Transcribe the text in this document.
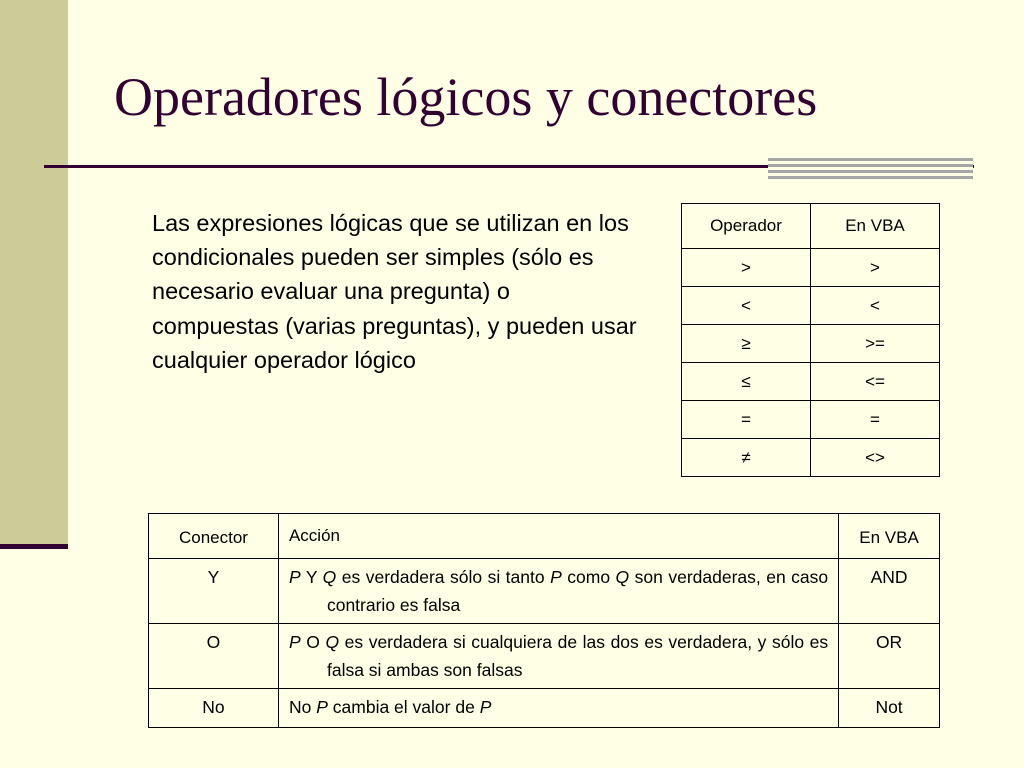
Operadores lógicos y conectores

Las expresiones lógicas que se utilizan en los condicionales pueden ser simples (sólo es necesario evaluar una pregunta) o compuestas (varias preguntas), y pueden usar cualquier operador lógico

Operador	En VBA
>	>
<	<
≥	>=
≤	<=
=	=
≠	<>
Conector	Acción	En VBA
Y	P Y Q es verdadera sólo si tanto P como Q son verdaderas, en caso contrario es falsa	AND
O	P O Q es verdadera si cualquiera de las dos es verdadera, y sólo es falsa si ambas son falsas	OR
No	No P cambia el valor de P	Not
